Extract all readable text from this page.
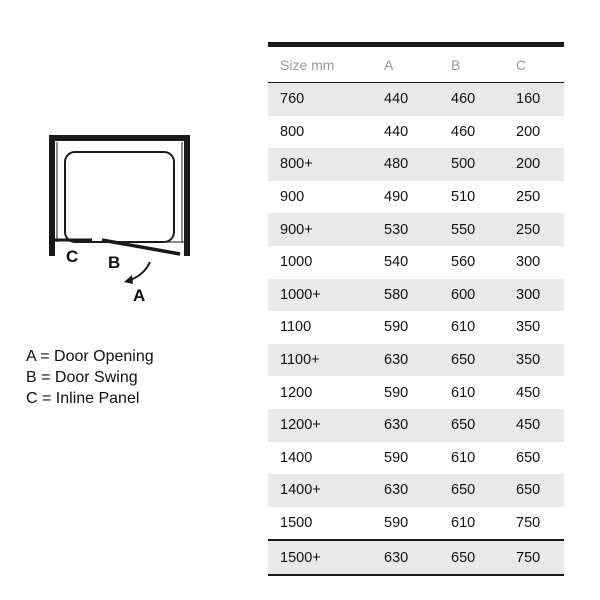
C B
A
A = Door Opening
B = Door Swing
C = Inline Panel
Size mm	A	B	C
760	440	460	160
800	440	460	200
800+	480	500	200
900	490	510	250
900+	530	550	250
1000	540	560	300
1000+	580	600	300
1100	590	610	350
1100+	630	650	350
1200	590	610	450
1200+	630	650	450
1400	590	610	650
1400+	630	650	650
1500	590	610	750
1500+	630	650	750
